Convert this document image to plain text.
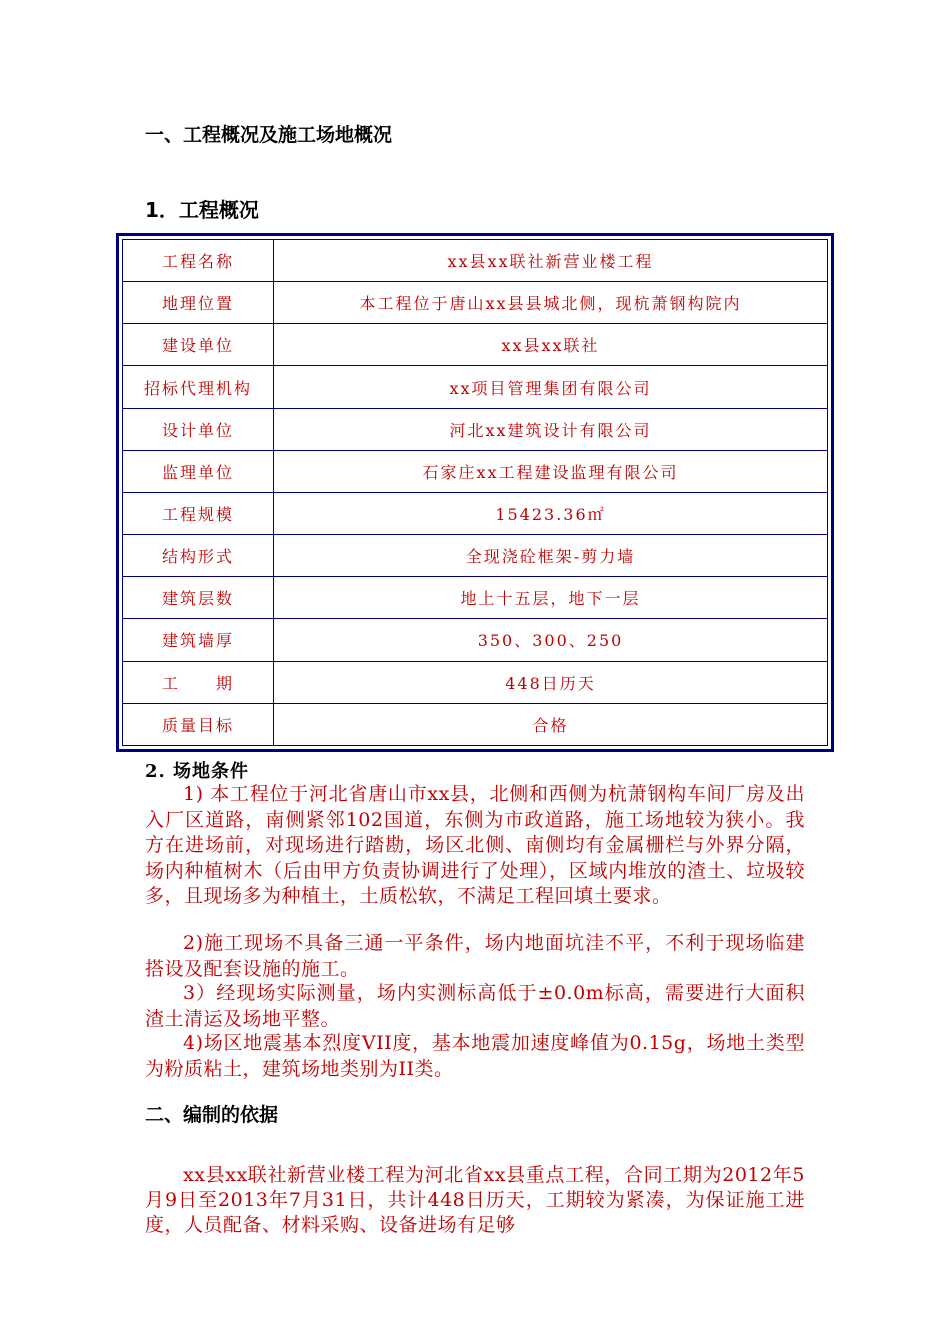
一、工程概况及施工场地概况
1．工程概况
工程名称	xx县xx联社新营业楼工程
地理位置	本工程位于唐山xx县县城北侧，现杭萧钢构院内
建设单位	xx县xx联社
招标代理机构	xx项目管理集团有限公司
设计单位	河北xx建筑设计有限公司
监理单位	石家庄xx工程建设监理有限公司
工程规模	15423.36㎡
结构形式	全现浇砼框架-剪力墙
建筑层数	地上十五层，地下一层
建筑墙厚	350、300、250
工　　期	448日历天
质量目标	合格
2. 场地条件

1) 本工程位于河北省唐山市xx县，北侧和西侧为杭萧钢构车间厂房及出入厂区道路，南侧紧邻102国道，东侧为市政道路，施工场地较为狭小。我方在进场前，对现场进行踏勘，场区北侧、南侧均有金属栅栏与外界分隔，场内种植树木（后由甲方负责协调进行了处理），区域内堆放的渣土、垃圾较多，且现场多为种植土，土质松软，不满足工程回填土要求。

2)施工现场不具备三通一平条件，场内地面坑洼不平，不利于现场临建搭设及配套设施的施工。

3）经现场实际测量，场内实测标高低于±0.0m标高，需要进行大面积渣土清运及场地平整。

4)场区地震基本烈度VII度，基本地震加速度峰值为0.15g，场地土类型为粉质粘土，建筑场地类别为II类。

二、编制的依据

xx县xx联社新营业楼工程为河北省xx县重点工程，合同工期为2012年5月9日至2013年7月31日，共计448日历天，工期较为紧凑，为保证施工进度，人员配备、材料采购、设备进场有足够
